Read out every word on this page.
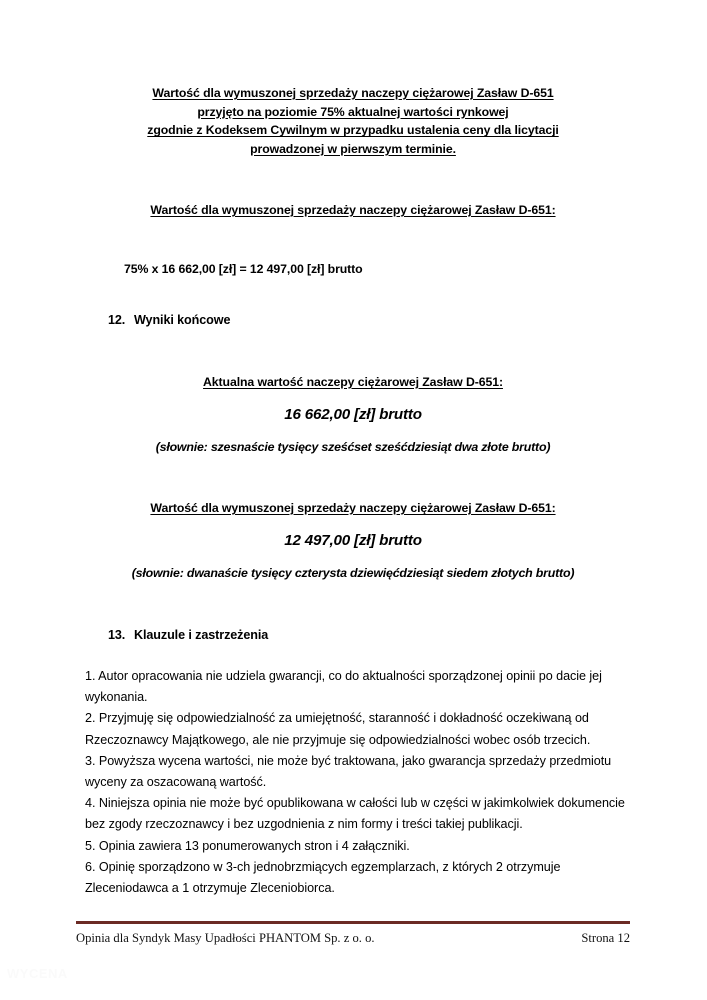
Wartość dla wymuszonej sprzedaży naczepy ciężarowej Zasław D-651
przyjęto na poziomie 75% aktualnej wartości rynkowej
zgodnie z Kodeksem Cywilnym w przypadku ustalenia ceny dla licytacji
prowadzonej w pierwszym terminie.
Wartość dla wymuszonej sprzedaży naczepy ciężarowej Zasław D-651:
75% x 16 662,00 [zł] = 12 497,00 [zł] brutto
12. Wyniki końcowe
Aktualna wartość naczepy ciężarowej Zasław D-651:
16 662,00 [zł] brutto
(słownie: szesnaście tysięcy sześćset sześćdziesiąt dwa złote brutto)
Wartość dla wymuszonej sprzedaży naczepy ciężarowej Zasław D-651:
12 497,00 [zł] brutto
(słownie: dwanaście tysięcy czterysta dziewięćdziesiąt siedem złotych brutto)
13. Klauzule i zastrzeżenia

1. Autor opracowania nie udziela gwarancji, co do aktualności sporządzonej opinii po dacie jej wykonania.

2. Przyjmuję się odpowiedzialność za umiejętność, staranność i dokładność oczekiwaną od Rzeczoznawcy Majątkowego, ale nie przyjmuje się odpowiedzialności wobec osób trzecich.

3. Powyższa wycena wartości, nie może być traktowana, jako gwarancja sprzedaży przedmiotu wyceny za oszacowaną wartość.

4. Niniejsza opinia nie może być opublikowana w całości lub w części w jakimkolwiek dokumencie bez zgody rzeczoznawcy i bez uzgodnienia z nim formy i treści takiej publikacji.

5. Opinia zawiera 13 ponumerowanych stron i 4 załączniki.

6. Opinię sporządzono w 3-ch jednobrzmiących egzemplarzach, z których 2 otrzymuje Zleceniodawca a 1 otrzymuje Zleceniobiorca.

Opinia dla Syndyk Masy Upadłości PHANTOM Sp. z o. o.	Strona 12
WYCENA
